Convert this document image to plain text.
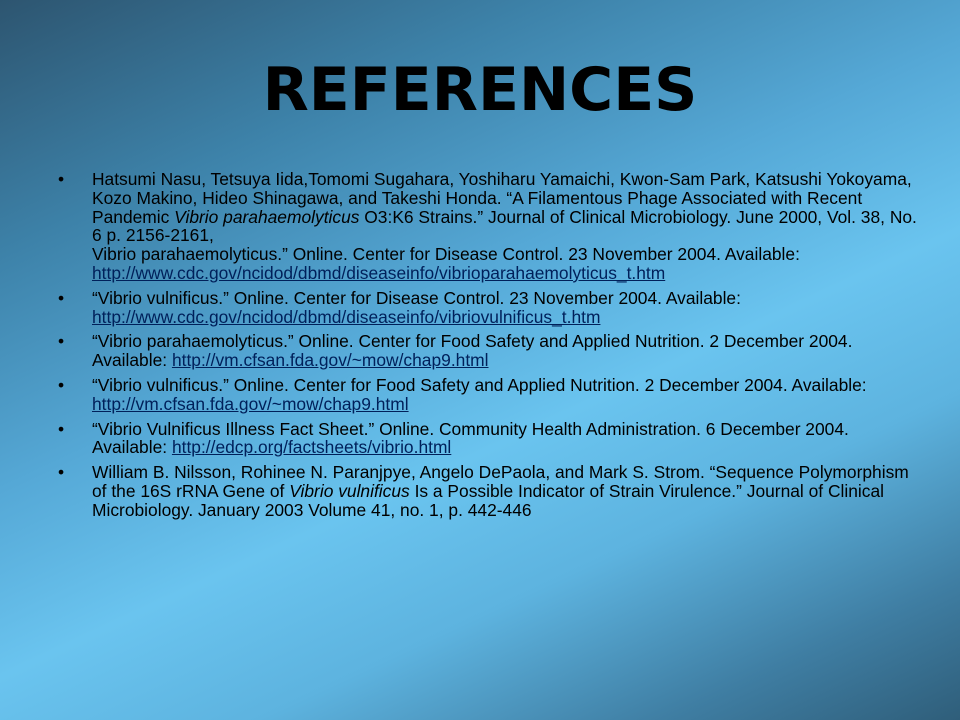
REFERENCES
• Hatsumi Nasu, Tetsuya Iida,Tomomi Sugahara, Yoshiharu Yamaichi, Kwon-Sam Park, Katsushi Yokoyama, Kozo Makino, Hideo Shinagawa, and Takeshi Honda. “A Filamentous Phage Associated with Recent Pandemic Vibrio parahaemolyticus O3:K6 Strains.” Journal of Clinical Microbiology. June 2000, Vol. 38, No. 6 p. 2156-2161,
Vibrio parahaemolyticus.” Online. Center for Disease Control. 23 November 2004. Available: http://www.cdc.gov/ncidod/dbmd/diseaseinfo/vibrioparahaemolyticus_t.htm
• “Vibrio vulnificus.” Online. Center for Disease Control. 23 November 2004. Available: http://www.cdc.gov/ncidod/dbmd/diseaseinfo/vibriovulnificus_t.htm
• “Vibrio parahaemolyticus.” Online. Center for Food Safety and Applied Nutrition. 2 December 2004. Available: http://vm.cfsan.fda.gov/~mow/chap9.html
• “Vibrio vulnificus.” Online. Center for Food Safety and Applied Nutrition. 2 December 2004. Available: http://vm.cfsan.fda.gov/~mow/chap9.html
• “Vibrio Vulnificus Illness Fact Sheet.” Online. Community Health Administration. 6 December 2004. Available: http://edcp.org/factsheets/vibrio.html
• William B. Nilsson, Rohinee N. Paranjpye, Angelo DePaola, and Mark S. Strom. “Sequence Polymorphism of the 16S rRNA Gene of Vibrio vulnificus Is a Possible Indicator of Strain Virulence.” Journal of Clinical Microbiology. January 2003 Volume 41, no. 1, p. 442-446
